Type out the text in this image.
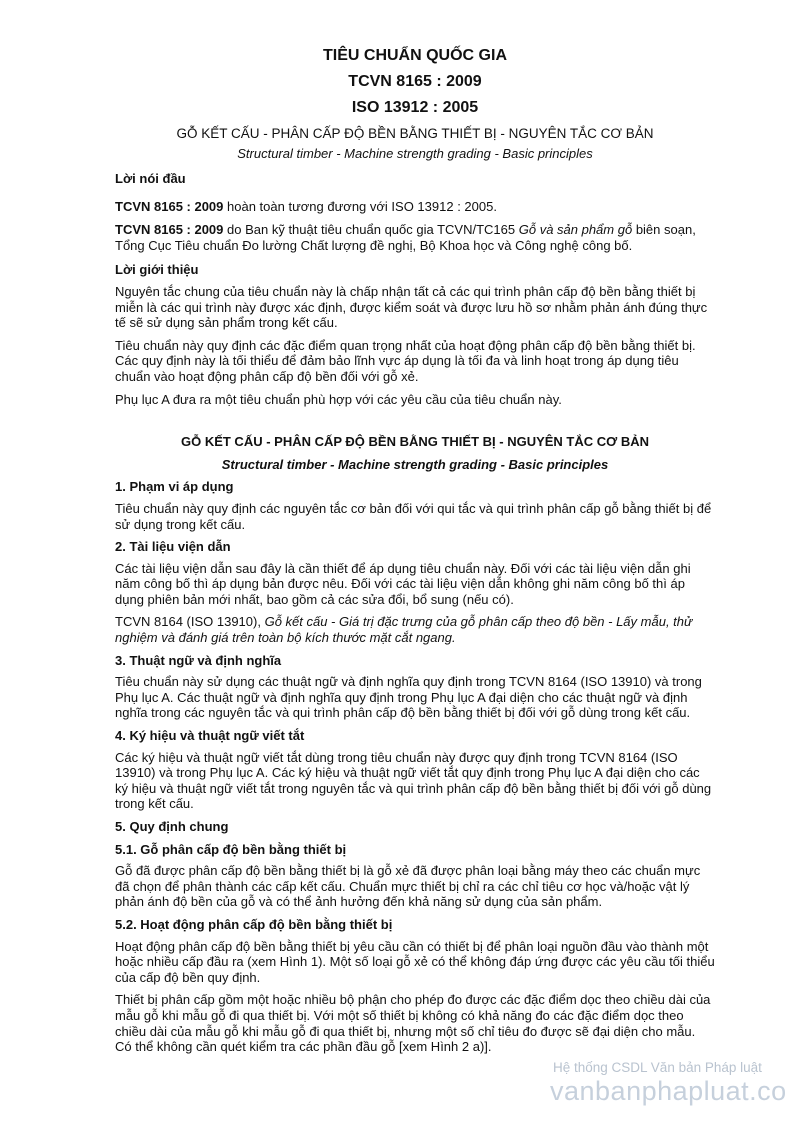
TIÊU CHUẨN QUỐC GIA

TCVN 8165 : 2009

ISO 13912 : 2005

GỖ KẾT CẤU - PHÂN CẤP ĐỘ BỀN BẰNG THIẾT BỊ - NGUYÊN TẮC CƠ BẢN

Structural timber - Machine strength grading - Basic principles

Lời nói đầu

TCVN 8165 : 2009 hoàn toàn tương đương với ISO 13912 : 2005.

TCVN 8165 : 2009 do Ban kỹ thuật tiêu chuẩn quốc gia TCVN/TC165 Gỗ và sản phẩm gỗ biên soạn, Tổng Cục Tiêu chuẩn Đo lường Chất lượng đề nghị, Bộ Khoa học và Công nghệ công bố.

Lời giới thiệu

Nguyên tắc chung của tiêu chuẩn này là chấp nhận tất cả các qui trình phân cấp độ bền bằng thiết bị miễn là các qui trình này được xác định, được kiểm soát và được lưu hồ sơ nhằm phản ánh đúng thực tế sẽ sử dụng sản phẩm trong kết cấu.

Tiêu chuẩn này quy định các đặc điểm quan trọng nhất của hoạt động phân cấp độ bền bằng thiết bị. Các quy định này là tối thiểu để đảm bảo lĩnh vực áp dụng là tối đa và linh hoạt trong áp dụng tiêu chuẩn vào hoạt động phân cấp độ bền đối với gỗ xẻ.

Phụ lục A đưa ra một tiêu chuẩn phù hợp với các yêu cầu của tiêu chuẩn này.

GỖ KẾT CẤU - PHÂN CẤP ĐỘ BỀN BẰNG THIẾT BỊ - NGUYÊN TẮC CƠ BẢN

Structural timber - Machine strength grading - Basic principles

1. Phạm vi áp dụng

Tiêu chuẩn này quy định các nguyên tắc cơ bản đối với qui tắc và qui trình phân cấp gỗ bằng thiết bị để sử dụng trong kết cấu.

2. Tài liệu viện dẫn

Các tài liệu viện dẫn sau đây là cần thiết để áp dụng tiêu chuẩn này. Đối với các tài liệu viện dẫn ghi năm công bố thì áp dụng bản được nêu. Đối với các tài liệu viện dẫn không ghi năm công bố thì áp dụng phiên bản mới nhất, bao gồm cả các sửa đổi, bổ sung (nếu có).

TCVN 8164 (ISO 13910), Gỗ kết cấu - Giá trị đặc trưng của gỗ phân cấp theo độ bền - Lấy mẫu, thử nghiệm và đánh giá trên toàn bộ kích thước mặt cắt ngang.

3. Thuật ngữ và định nghĩa

Tiêu chuẩn này sử dụng các thuật ngữ và định nghĩa quy định trong TCVN 8164 (ISO 13910) và trong Phụ lục A. Các thuật ngữ và định nghĩa quy định trong Phụ lục A đại diện cho các thuật ngữ và định nghĩa trong các nguyên tắc và qui trình phân cấp độ bền bằng thiết bị đối với gỗ dùng trong kết cấu.

4. Ký hiệu và thuật ngữ viết tắt

Các ký hiệu và thuật ngữ viết tắt dùng trong tiêu chuẩn này được quy định trong TCVN 8164 (ISO 13910) và trong Phụ lục A. Các ký hiệu và thuật ngữ viết tắt quy định trong Phụ lục A đại diện cho các ký hiệu và thuật ngữ viết tắt trong nguyên tắc và qui trình phân cấp độ bền bằng thiết bị đối với gỗ dùng trong kết cấu.

5. Quy định chung

5.1. Gỗ phân cấp độ bền bằng thiết bị

Gỗ đã được phân cấp độ bền bằng thiết bị là gỗ xẻ đã được phân loại bằng máy theo các chuẩn mực đã chọn để phân thành các cấp kết cấu. Chuẩn mực thiết bị chỉ ra các chỉ tiêu cơ học và/hoặc vật lý phản ánh độ bền của gỗ và có thể ảnh hưởng đến khả năng sử dụng của sản phẩm.

5.2. Hoạt động phân cấp độ bền bằng thiết bị

Hoạt động phân cấp độ bền bằng thiết bị yêu cầu cần có thiết bị để phân loại nguồn đầu vào thành một hoặc nhiều cấp đầu ra (xem Hình 1). Một số loại gỗ xẻ có thể không đáp ứng được các yêu cầu tối thiểu của cấp độ bền quy định.

Thiết bị phân cấp gồm một hoặc nhiều bộ phận cho phép đo được các đặc điểm dọc theo chiều dài của mẫu gỗ khi mẫu gỗ đi qua thiết bị. Với một số thiết bị không có khả năng đo các đặc điểm dọc theo chiều dài của mẫu gỗ khi mẫu gỗ đi qua thiết bị, nhưng một số chỉ tiêu đo được sẽ đại diện cho mẫu. Có thể không cần quét kiểm tra các phần đầu gỗ [xem Hình 2 a)].

Hệ thống CSDL Văn bản Pháp luật
vanbanphapluat.co
